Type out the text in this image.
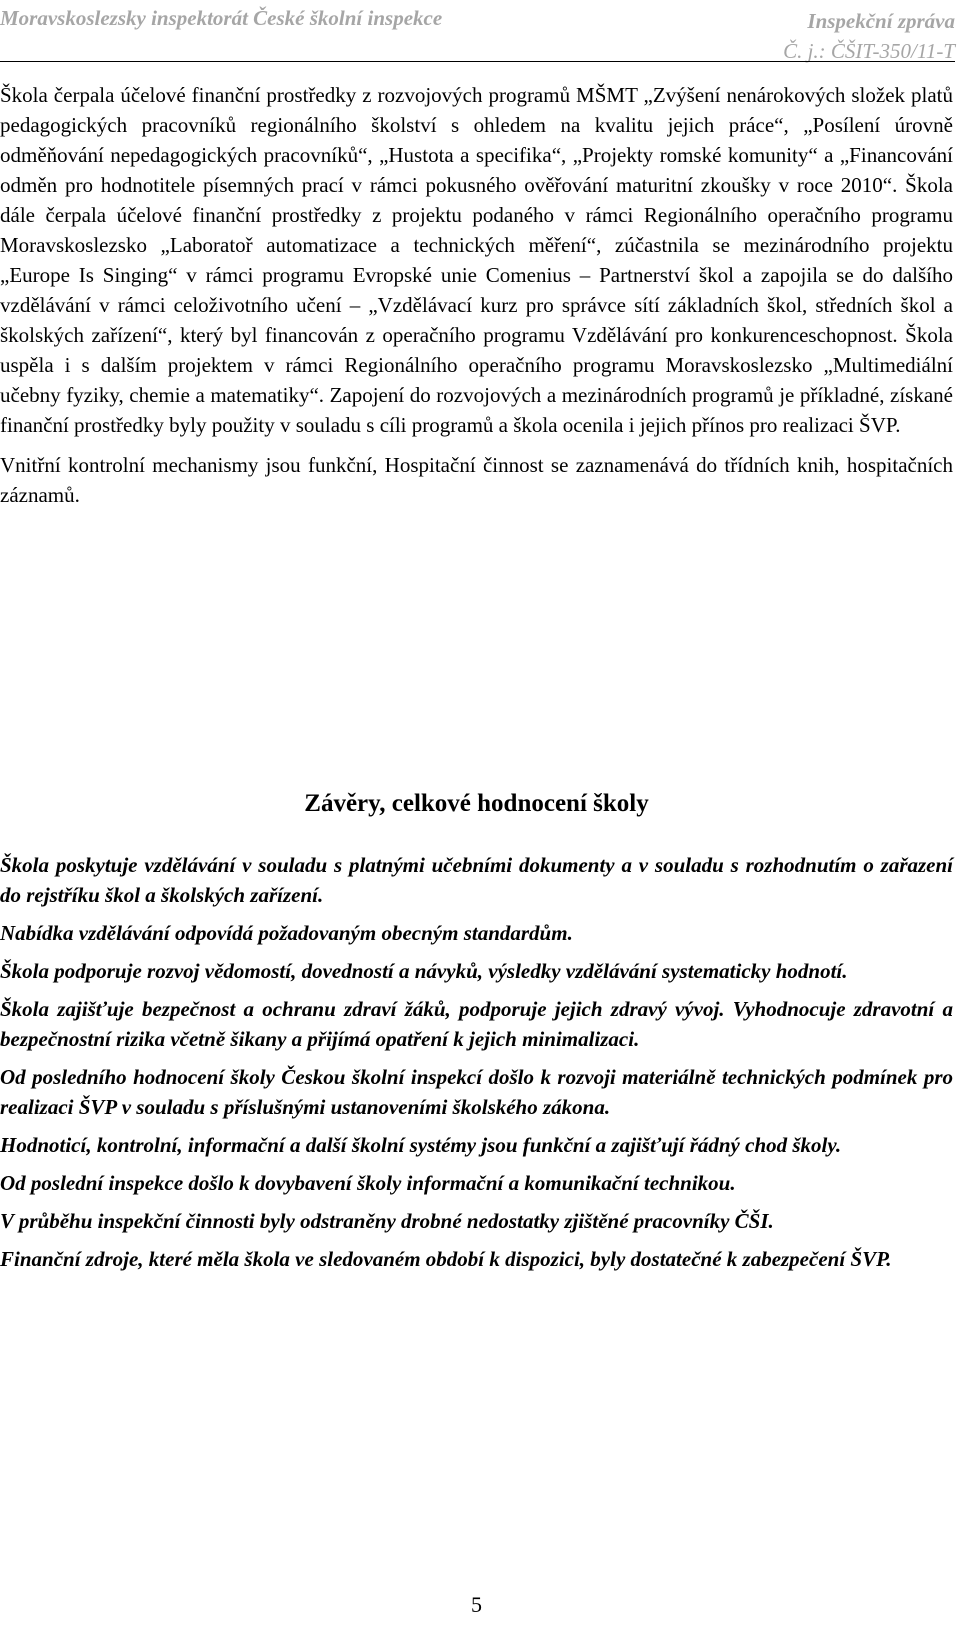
Moravskoslezsky inspektorát České školní inspekce	Inspekční zpráva
Č. j.: ČŠIT-350/11-T

Škola čerpala účelové finanční prostředky z rozvojových programů MŠMT „Zvýšení nenárokových složek platů pedagogických pracovníků regionálního školství s ohledem na kvalitu jejich práce“, „Posílení úrovně odměňování nepedagogických pracovníků“, „Hustota a specifika“, „Projekty romské komunity“ a „Financování odměn pro hodnotitele písemných prací v rámci pokusného ověřování maturitní zkoušky v roce 2010“. Škola dále čerpala účelové finanční prostředky z projektu podaného v rámci Regionálního operačního programu Moravskoslezsko „Laboratoř automatizace a technických měření“, zúčastnila se mezinárodního projektu „Europe Is Singing“ v rámci programu Evropské unie Comenius – Partnerství škol a zapojila se do dalšího vzdělávání v rámci celoživotního učení – „Vzdělávací kurz pro správce sítí základních škol, středních škol a školských zařízení“, který byl financován z operačního programu Vzdělávání pro konkurenceschopnost. Škola uspěla i s dalším projektem v rámci Regionálního operačního programu Moravskoslezsko „Multimediální učebny fyziky, chemie a matematiky“. Zapojení do rozvojových a mezinárodních programů je příkladné, získané finanční prostředky byly použity v souladu s cíli programů a škola ocenila i jejich přínos pro realizaci ŠVP.

Vnitřní kontrolní mechanismy jsou funkční, Hospitační činnost se zaznamenává do třídních knih, hospitačních záznamů.

Závěry, celkové hodnocení školy

Škola poskytuje vzdělávání v souladu s platnými učebními dokumenty a v souladu s rozhodnutím o zařazení do rejstříku škol a školských zařízení.

Nabídka vzdělávání odpovídá požadovaným obecným standardům.

Škola podporuje rozvoj vědomostí, dovedností a návyků, výsledky vzdělávání systematicky hodnotí.

Škola zajišťuje bezpečnost a ochranu zdraví žáků, podporuje jejich zdravý vývoj. Vyhodnocuje zdravotní a bezpečnostní rizika včetně šikany a přijímá opatření k jejich minimalizaci.

Od posledního hodnocení školy Českou školní inspekcí došlo k rozvoji materiálně technických podmínek pro realizaci ŠVP v souladu s příslušnými ustanoveními školského zákona.

Hodnoticí, kontrolní, informační a další školní systémy jsou funkční a zajišťují řádný chod školy.

Od poslední inspekce došlo k dovybavení školy informační a komunikační technikou.

V průběhu inspekční činnosti byly odstraněny drobné nedostatky zjištěné pracovníky ČŠI.

Finanční zdroje, které měla škola ve sledovaném období k dispozici, byly dostatečné k zabezpečení ŠVP.

5
